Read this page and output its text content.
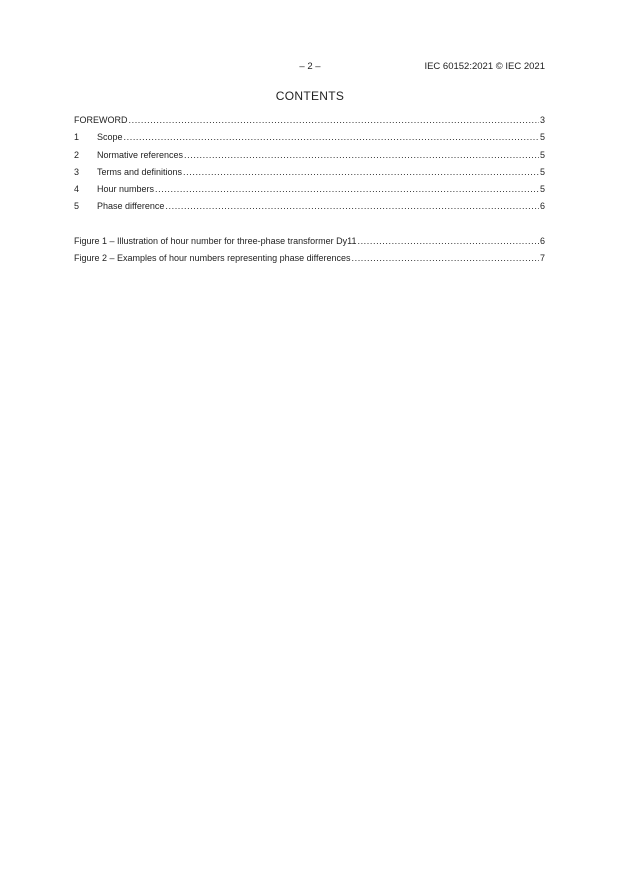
– 2 –	IEC 60152:2021 © IEC 2021
CONTENTS
FOREWORD .....	3
1	Scope .....	5
2	Normative references .....	5
3	Terms and definitions .....	5
4	Hour numbers .....	5
5	Phase difference .....	6
Figure 1 – Illustration of hour number for three-phase transformer Dy11 .....	6
Figure 2 – Examples of hour numbers representing phase differences .....	7
